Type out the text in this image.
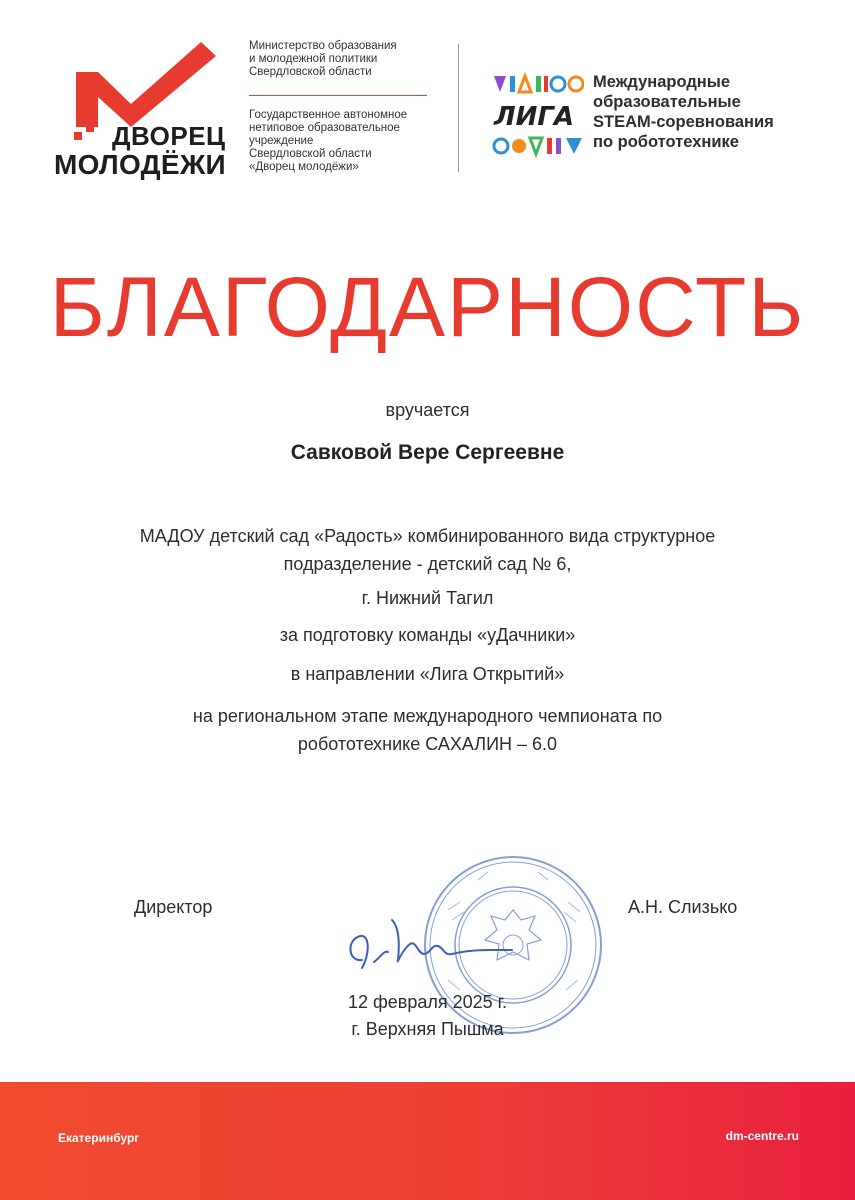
ДВОРЕЦ
МОЛОДЁЖИ
Министерство образования
и молодежной политики
Свердловской области
Государственное автономное
нетиповое образовательное
учреждение
Свердловской области
«Дворец молодёжи»
ЛИГА
Международные
образовательные
STEAM-соревнования
по робототехнике
БЛАГОДАРНОСТЬ
вручается
Савковой Вере Сергеевне
МАДОУ детский сад «Радость» комбинированного вида структурное
подразделение - детский сад № 6,
г. Нижний Тагил
за подготовку команды «уДачники»
в направлении «Лига Открытий»
на региональном этапе международного чемпионата по
робототехнике САХАЛИН – 6.0
Директор	А.Н. Слизько
12 февраля 2025 г.
г. Верхняя Пышма
Екатеринбург	dm-centre.ru
